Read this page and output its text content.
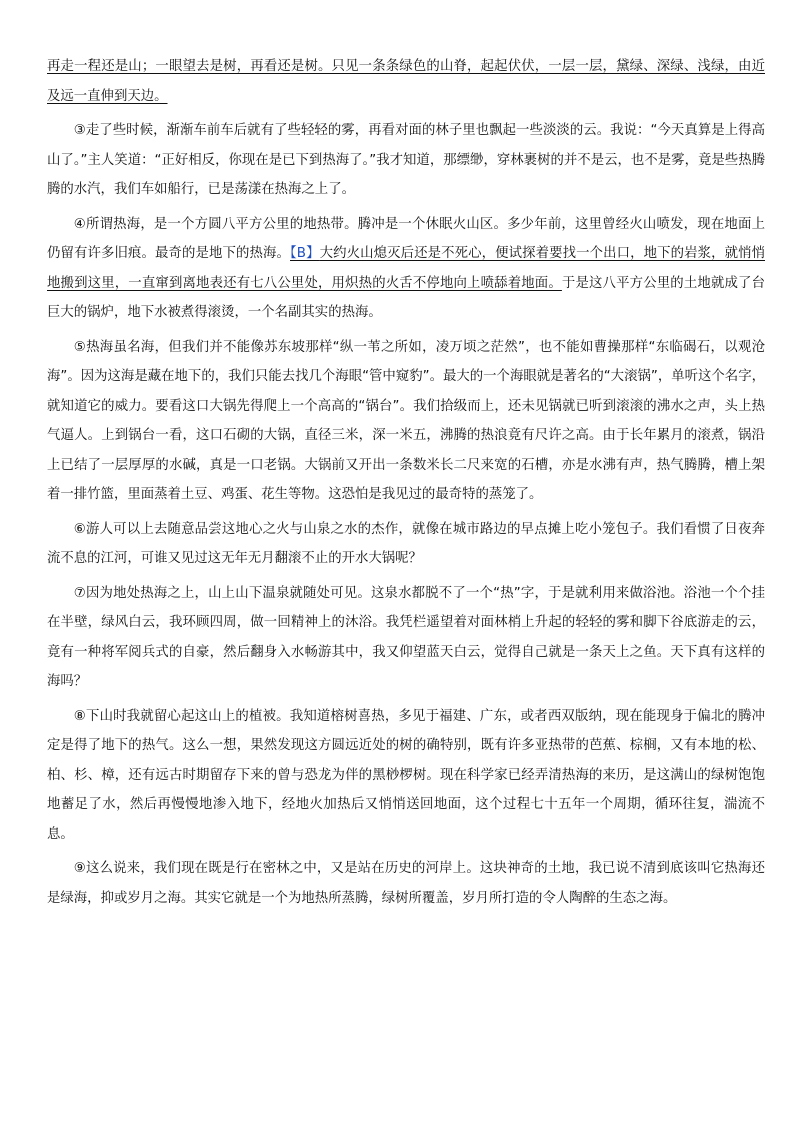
再走一程还是山；一眼望去是树，再看还是树。只见一条条绿色的山脊，起起伏伏，一层一层，黛绿、深绿、浅绿，由近及远一直伸到天边。

③走了些时候，渐渐车前车后就有了些轻轻的雾，再看对面的林子里也飘起一些淡淡的云。我说：“今天真算是上得高山了。”主人笑道：“正好相反，你现在是已下到热海了。”我才知道，那缥缈，穿林裹树的并不是云，也不是雾，竟是些热腾腾的水汽，我们车如船行，已是荡漾在热海之上了。

④所谓热海，是一个方圆八平方公里的地热带。腾冲是一个休眠火山区。多少年前，这里曾经火山喷发，现在地面上仍留有许多旧痕。最奇的是地下的热海。【B】大约火山熄灭后还是不死心，便试探着要找一个出口，地下的岩浆，就悄悄地搬到这里，一直窜到离地表还有七八公里处，用炽热的火舌不停地向上喷舔着地面。于是这八平方公里的土地就成了台巨大的锅炉，地下水被煮得滚烫，一个名副其实的热海。

⑤热海虽名海，但我们并不能像苏东坡那样“纵一苇之所如，凌万顷之茫然”，也不能如曹操那样“东临碣石，以观沧海”。因为这海是藏在地下的，我们只能去找几个海眼“管中窥豹”。最大的一个海眼就是著名的“大滚锅”，单听这个名字，就知道它的威力。要看这口大锅先得爬上一个高高的“锅台”。我们拾级而上，还未见锅就已听到滚滚的沸水之声，头上热气逼人。上到锅台一看，这口石砌的大锅，直径三米，深一米五，沸腾的热浪竟有尺许之高。由于长年累月的滚煮，锅沿上已结了一层厚厚的水碱，真是一口老锅。大锅前又开出一条数米长二尺来宽的石槽，亦是水沸有声，热气腾腾，槽上架着一排竹篮，里面蒸着土豆、鸡蛋、花生等物。这恐怕是我见过的最奇特的蒸笼了。

⑥游人可以上去随意品尝这地心之火与山泉之水的杰作，就像在城市路边的早点摊上吃小笼包子。我们看惯了日夜奔流不息的江河，可谁又见过这无年无月翻滚不止的开水大锅呢？

⑦因为地处热海之上，山上山下温泉就随处可见。这泉水都脱不了一个“热”字，于是就利用来做浴池。浴池一个个挂在半壁，绿风白云，我环顾四周，做一回精神上的沐浴。我凭栏遥望着对面林梢上升起的轻轻的雾和脚下谷底游走的云，竟有一种将军阅兵式的自豪，然后翻身入水畅游其中，我又仰望蓝天白云，觉得自己就是一条天上之鱼。天下真有这样的海吗？

⑧下山时我就留心起这山上的植被。我知道榕树喜热，多见于福建、广东，或者西双版纳，现在能现身于偏北的腾冲定是得了地下的热气。这么一想，果然发现这方圆远近处的树的确特别，既有许多亚热带的芭蕉、棕榈，又有本地的松、柏、杉、樟，还有远古时期留存下来的曾与恐龙为伴的黑桫椤树。现在科学家已经弄清热海的来历，是这满山的绿树饱饱地蓄足了水，然后再慢慢地渗入地下，经地火加热后又悄悄送回地面，这个过程七十五年一个周期，循环往复，湍流不息。

⑨这么说来，我们现在既是行在密林之中，又是站在历史的河岸上。这块神奇的土地，我已说不清到底该叫它热海还是绿海，抑或岁月之海。其实它就是一个为地热所蒸腾，绿树所覆盖，岁月所打造的令人陶醉的生态之海。
